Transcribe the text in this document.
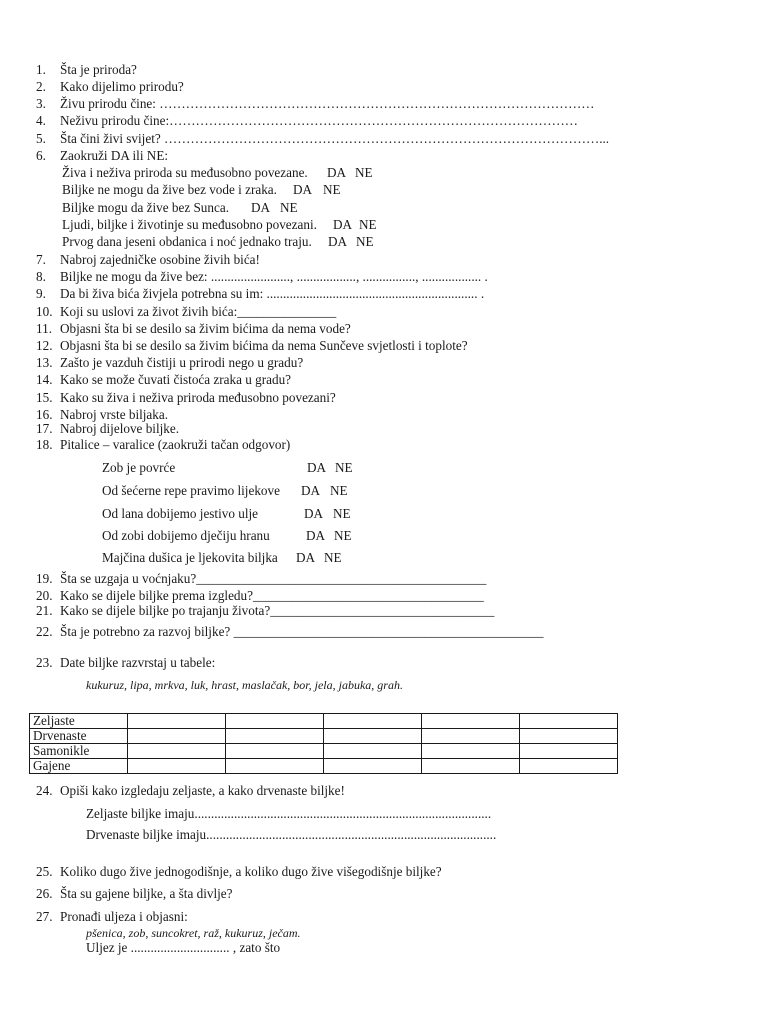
1. Šta je priroda?
2. Kako dijelimo prirodu?
3. Živu prirodu čine: ………………………………………………………………………………………
4. Neživu prirodu čine:…………………………………………………………………………………
5. Šta čini živi svijet? ………………………………………………………………………………………...
6. Zaokruži DA ili NE:
Živa i neživa priroda su međusobno povezane. DA NE
Biljke ne mogu da žive bez vode i zraka. DA NE
Biljke mogu da žive bez Sunca. DA NE
Ljudi, biljke i životinje su međusobno povezani. DA NE
Prvog dana jeseni obdanica i noć jednako traju. DA NE
7. Nabroj zajedničke osobine živih bića!
8. Biljke ne mogu da žive bez: ........................, .................., ................, .................. .
9. Da bi živa bića živjela potrebna su im: ................................................................ .
10. Koji su uslovi za život živih bića:_______________
11. Objasni šta bi se desilo sa živim bićima da nema vode?
12. Objasni šta bi se desilo sa živim bićima da nema Sunčeve svjetlosti i toplote?
13. Zašto je vazduh čistiji u prirodi nego u gradu?
14. Kako se može čuvati čistoća zraka u gradu?
15. Kako su živa i neživa priroda međusobno povezani?
16. Nabroj vrste biljaka.
17. Nabroj dijelove biljke.
18. Pitalice – varalice (zaokruži tačan odgovor)
Zob je povrće	DA NE
Od šećerne repe pravimo lijekove DA NE
Od lana dobijemo jestivo ulje	DA NE
Od zobi dobijemo dječiju hranu	DA NE
Majčina dušica je ljekovita biljka DA NE
19. Šta se uzgaja u voćnjaku?____________________________________________
20. Kako se dijele biljke prema izgledu?___________________________________
21. Kako se dijele biljke po trajanju života?__________________________________
22. Šta je potrebno za razvoj biljke? _______________________________________________
23. Date biljke razvrstaj u tabele:
kukuruz, lipa, mrkva, luk, hrast, maslačak, bor, jela, jabuka, grah.
Zeljaste					
Drvenaste					
Samonikle					
Gajene					
24. Opiši kako izgledaju zeljaste, a kako drvenaste biljke!
Zeljaste biljke imaju..........................................................................................
Drvenaste biljke imaju........................................................................................
25. Koliko dugo žive jednogodišnje, a koliko dugo žive višegodišnje biljke?
26. Šta su gajene biljke, a šta divlje?
27. Pronađi uljeza i objasni:
pšenica, zob, suncokret, raž, kukuruz, ječam.
Uljez je .............................. , zato što
